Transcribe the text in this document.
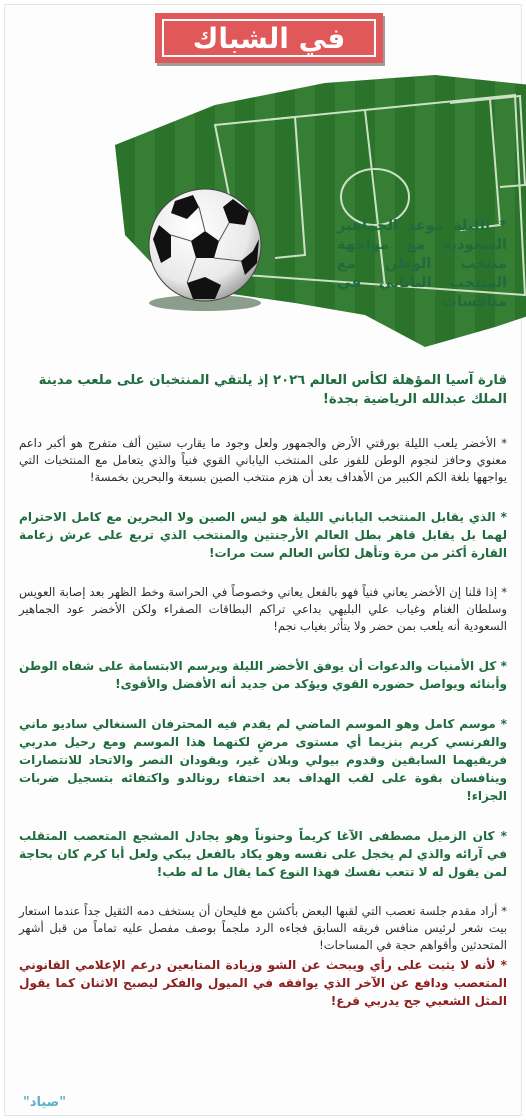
في الشباك
* الليلة موعد الجماهير السعودية مع مواجهة منتخب الوطن مع المنتخب الياباني في منافسات
قارة آسيا المؤهلة لكأس العالم ٢٠٢٦ إذ يلتقي المنتخبان على ملعب مدينة الملك عبدالله الرياضية بجدة!

* الأخضر يلعب الليلة بورقتي الأرض والجمهور ولعل وجود ما يقارب ستين ألف متفرج هو أكبر داعم معنوي وحافز لنجوم الوطن للفوز على المنتخب الياباني القوي فنياً والذي يتعامل مع المنتخبات التي يواجهها بلغة الكم الكبير من الأهداف بعد أن هزم منتخب الصين بسبعة والبحرين بخمسة!

* الذي يقابل المنتخب الياباني الليلة هو ليس الصين ولا البحرين مع كامل الاحترام لهما بل يقابل قاهر بطل العالم الأرجنتين والمنتخب الذي تربع على عرش زعامة القارة أكثر من مرة وتأهل لكأس العالم ست مرات!

* إذا قلنا إن الأخضر يعاني فنياً فهو بالفعل يعاني وخصوصاً في الحراسة وخط الظهر بعد إصابة العويس وسلطان الغنام وغياب علي البليهي بداعي تراكم البطاقات الصفراء ولكن الأخضر عود الجماهير السعودية أنه يلعب بمن حضر ولا يتأثر بغياب نجم!

* كل الأمنيات والدعوات أن يوفق الأخضر الليلة ويرسم الابتسامة على شفاه الوطن وأبنائه ويواصل حضوره القوي ويؤكد من جديد أنه الأفضل والأقوى!

* موسم كامل وهو الموسم الماضي لم يقدم فيه المحترفان السنغالي ساديو ماني والفرنسي كريم بنزيما أي مستوى مرضٍ لكنهما هذا الموسم ومع رحيل مدربي فريقيهما السابقين وقدوم بيولي وبلان غير، ويقودان النصر والاتحاد للانتصارات وينافسان بقوة على لقب الهداف بعد اختفاء رونالدو واكتفائه بتسجيل ضربات الجزاء!

* كان الزميل مصطفى الآغا كريماً وحنوناً وهو يجادل المشجع المتعصب المتقلب في آرائه والذي لم يخجل على نفسه وهو يكاد بالفعل يبكي ولعل أبا كرم كان بحاجة لمن يقول له لا تتعب نفسك فهذا النوع كما يقال ما له طب!

* أراد مقدم جلسة تعصب التي لقبها البعض بأكشن مع فليحان أن يستخف دمه الثقيل جداً عندما استعار بيت شعر لرئيس منافس فريقه السابق فجاءه الرد ملجماً بوصف مفصل عليه تماماً من قبل أشهر المتحدثين وأقواهم حجة في المساحات!

* لأنه لا يثبت على رأي ويبحث عن الشو وزيادة المتابعين درعم الإعلامي القانوني المتعصب ودافع عن الآخر الذي يوافقه في الميول والفكر ليصبح الاثنان كما يقول المثل الشعبي جح يدربي قرع!

"صياد"
